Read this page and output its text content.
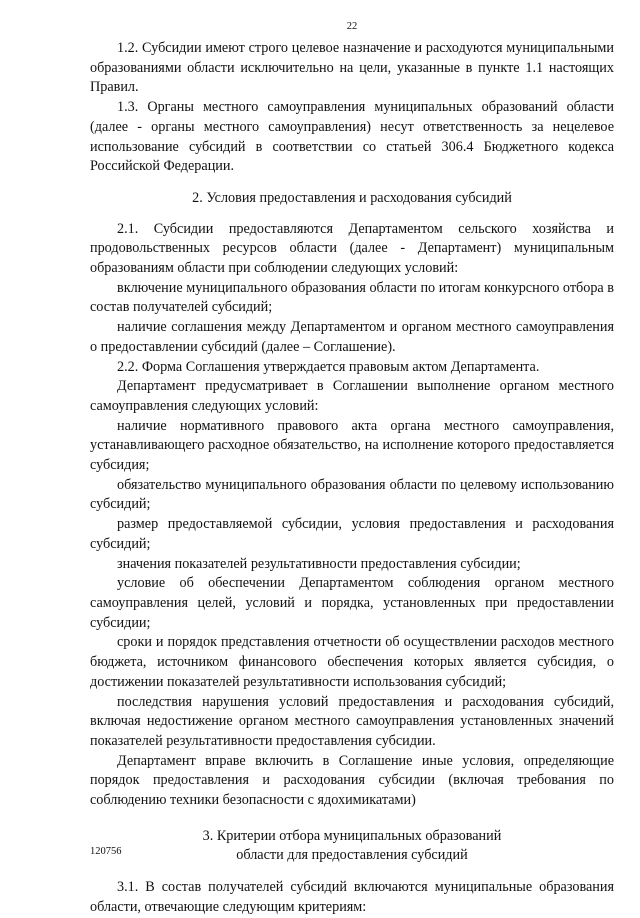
22

1.2. Субсидии имеют строго целевое назначение и расходуются муниципальными образованиями области исключительно на цели, указанные в пункте 1.1 настоящих Правил.

1.3. Органы местного самоуправления муниципальных образований области (далее - органы местного самоуправления) несут ответственность за нецелевое использование субсидий в соответствии со статьей 306.4 Бюджетного кодекса Российской Федерации.

2. Условия предоставления и расходования субсидий

2.1. Субсидии предоставляются Департаментом сельского хозяйства и продовольственных ресурсов области (далее - Департамент) муниципальным образованиям области при соблюдении следующих условий:

включение муниципального образования области по итогам конкурсного отбора в состав получателей субсидий;

наличие соглашения между Департаментом и органом местного самоуправления о предоставлении субсидий (далее – Соглашение).

2.2. Форма Соглашения утверждается правовым актом Департамента.

Департамент предусматривает в Соглашении выполнение органом местного самоуправления следующих условий:

наличие нормативного правового акта органа местного самоуправления, устанавливающего расходное обязательство, на исполнение которого предоставляется субсидия;

обязательство муниципального образования области по целевому использованию субсидий;

размер предоставляемой субсидии, условия предоставления и расходования субсидий;

значения показателей результативности предоставления субсидии;

условие об обеспечении Департаментом соблюдения органом местного самоуправления целей, условий и порядка, установленных при предоставлении субсидии;

сроки и порядок представления отчетности об осуществлении расходов местного бюджета, источником финансового обеспечения которых является субсидия, о достижении показателей результативности использования субсидий;

последствия нарушения условий предоставления и расходования субсидий, включая недостижение органом местного самоуправления установленных значений показателей результативности предоставления субсидии.

Департамент вправе включить в Соглашение иные условия, определяющие порядок предоставления и расходования субсидии (включая требования по соблюдению техники безопасности с ядохимикатами)

3. Критерии отбора муниципальных образований

области для предоставления субсидий

3.1. В состав получателей субсидий включаются муниципальные образования области, отвечающие следующим критериям:

120756
